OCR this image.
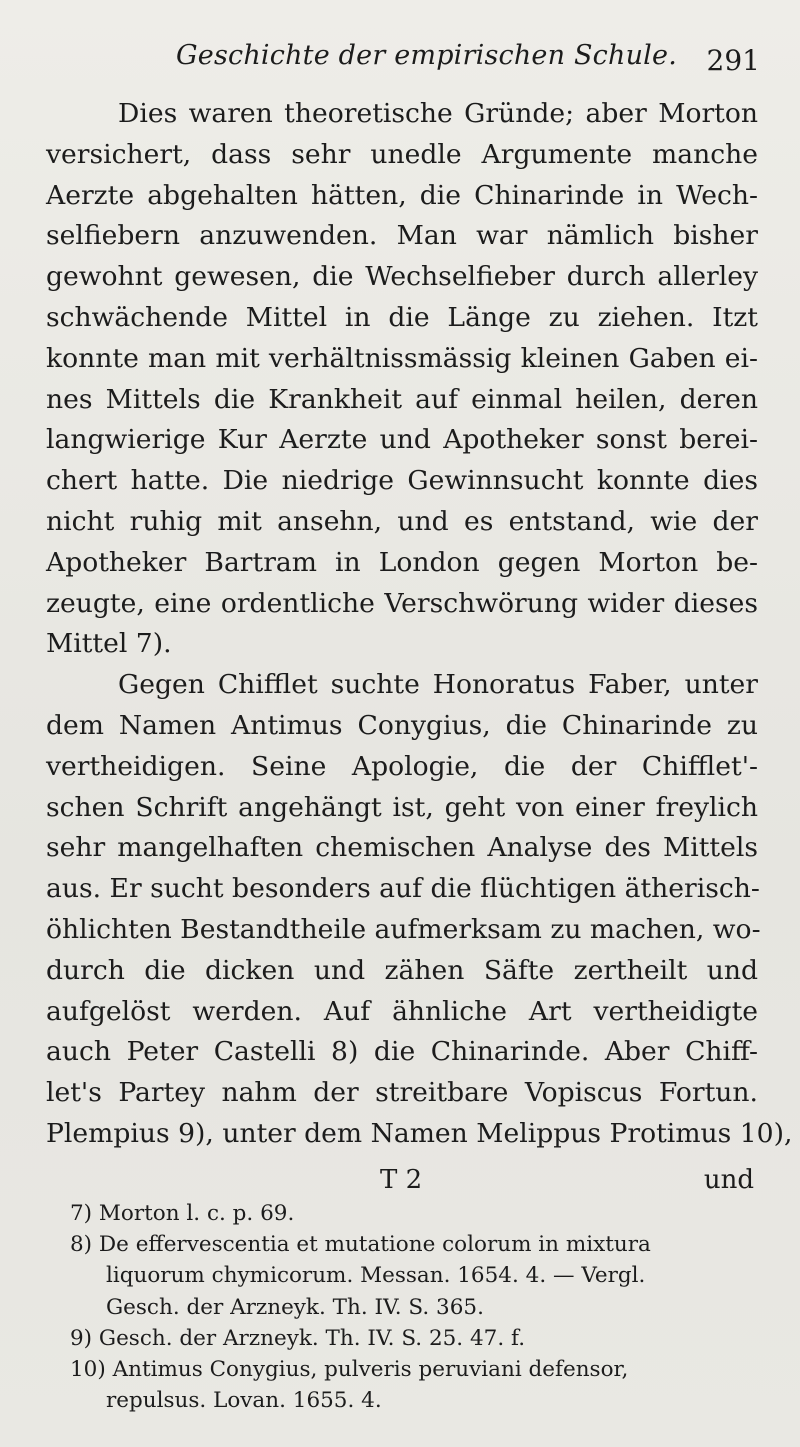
Geschichte der empirischen Schule. 291
Dies waren theoretische Gründe; aber Morton
versichert, dass sehr unedle Argumente manche
Aerzte abgehalten hätten, die Chinarinde in Wech-
selfiebern anzuwenden. Man war nämlich bisher
gewohnt gewesen, die Wechselfieber durch allerley
schwächende Mittel in die Länge zu ziehen. Itzt
konnte man mit verhältnissmässig kleinen Gaben ei-
nes Mittels die Krankheit auf einmal heilen, deren
langwierige Kur Aerzte und Apotheker sonst berei-
chert hatte. Die niedrige Gewinnsucht konnte dies
nicht ruhig mit ansehn, und es entstand, wie der
Apotheker Bartram in London gegen Morton be-
zeugte, eine ordentliche Verschwörung wider dieses
Mittel 7).
Gegen Chifflet suchte Honoratus Faber, unter
dem Namen Antimus Conygius, die Chinarinde zu
vertheidigen. Seine Apologie, die der Chifflet'-
schen Schrift angehängt ist, geht von einer freylich
sehr mangelhaften chemischen Analyse des Mittels
aus. Er sucht besonders auf die flüchtigen ätherisch-
öhlichten Bestandtheile aufmerksam zu machen, wo-
durch die dicken und zähen Säfte zertheilt und
aufgelöst werden. Auf ähnliche Art vertheidigte
auch Peter Castelli 8) die Chinarinde. Aber Chiff-
let's Partey nahm der streitbare Vopiscus Fortun.
Plempius 9), unter dem Namen Melippus Protimus 10),
T 2	und
7) Morton l. c. p. 69.
8) De effervescentia et mutatione colorum in mixtura
liquorum chymicorum. Messan. 1654. 4. — Vergl.
Gesch. der Arzneyk. Th. IV. S. 365.
9) Gesch. der Arzneyk. Th. IV. S. 25. 47. f.
10) Antimus Conygius, pulveris peruviani defensor,
repulsus. Lovan. 1655. 4.
